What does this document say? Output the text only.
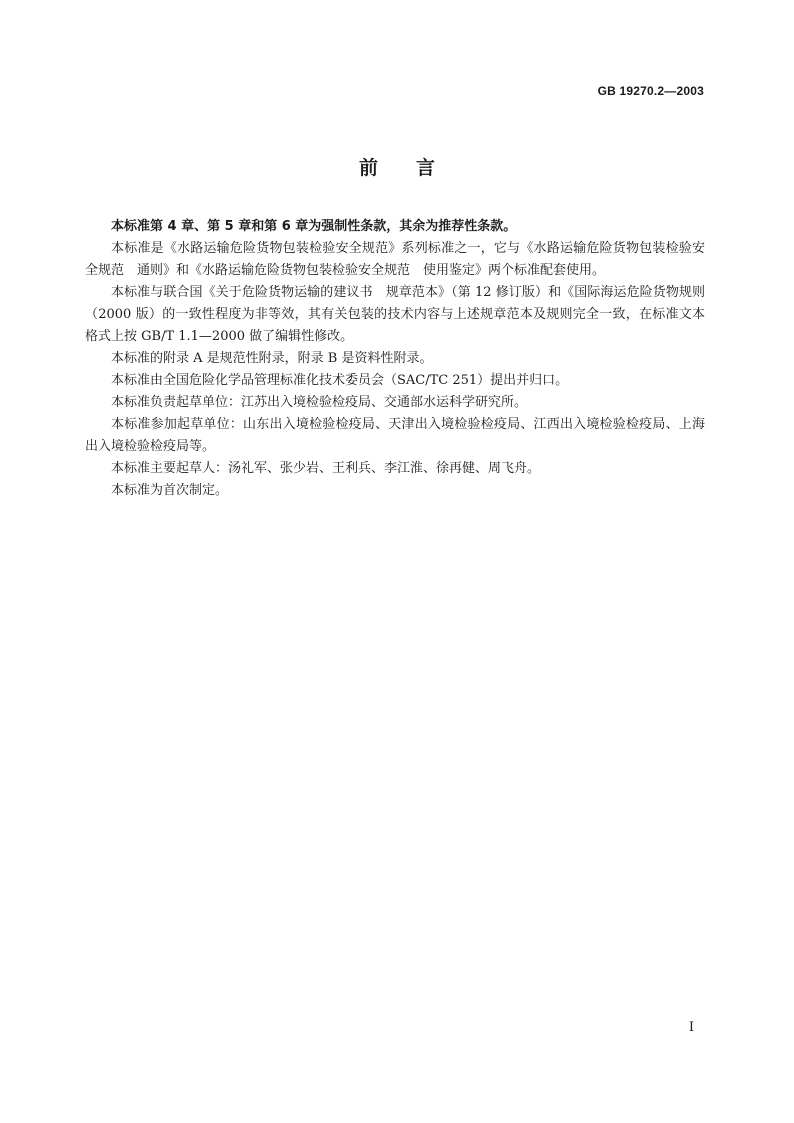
GB 19270.2—2003
前言

本标准第 4 章、第 5 章和第 6 章为强制性条款，其余为推荐性条款。

本标准是《水路运输危险货物包装检验安全规范》系列标准之一，它与《水路运输危险货物包装检验安全规范　通则》和《水路运输危险货物包装检验安全规范　使用鉴定》两个标准配套使用。

本标准与联合国《关于危险货物运输的建议书　规章范本》（第 12 修订版）和《国际海运危险货物规则（2000 版）的一致性程度为非等效，其有关包装的技术内容与上述规章范本及规则完全一致，在标准文本格式上按 GB/T 1.1—2000 做了编辑性修改。

本标准的附录 A 是规范性附录，附录 B 是资料性附录。

本标准由全国危险化学品管理标准化技术委员会（SAC/TC 251）提出并归口。

本标准负责起草单位：江苏出入境检验检疫局、交通部水运科学研究所。

本标准参加起草单位：山东出入境检验检疫局、天津出入境检验检疫局、江西出入境检验检疫局、上海出入境检验检疫局等。

本标准主要起草人：汤礼军、张少岩、王利兵、李江淮、徐再健、周飞舟。

本标准为首次制定。

I
